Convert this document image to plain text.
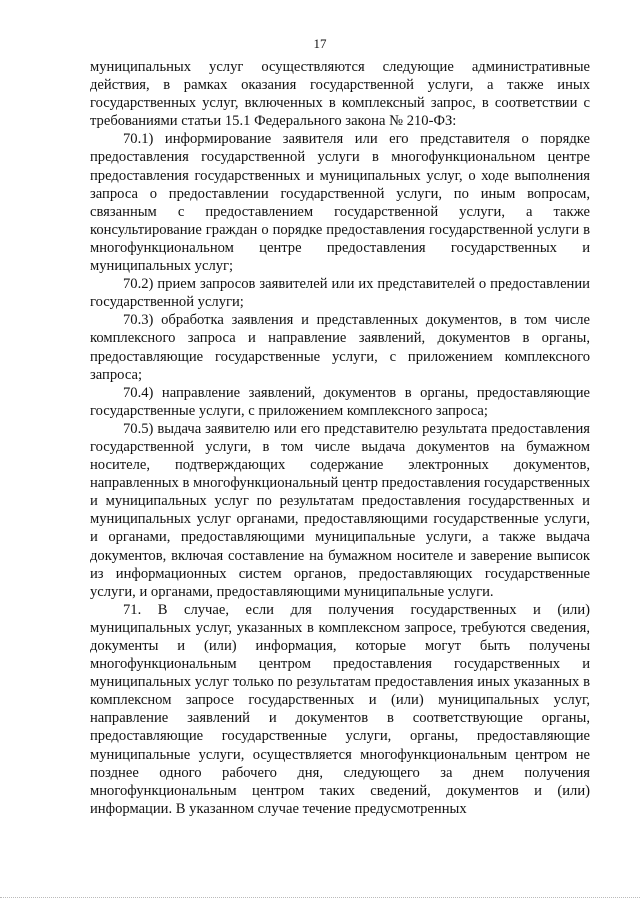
17

муниципальных услуг осуществляются следующие административные действия, в рамках оказания государственной услуги, а также иных государственных услуг, включенных в комплексный запрос, в соответствии с требованиями статьи 15.1 Федерального закона № 210-ФЗ:

70.1) информирование заявителя или его представителя о порядке предоставления государственной услуги в многофункциональном центре предоставления государственных и муниципальных услуг, о ходе выполнения запроса о предоставлении государственной услуги, по иным вопросам, связанным с предоставлением государственной услуги, а также консультирование граждан о порядке предоставления государственной услуги в многофункциональном центре предоставления государственных и муниципальных услуг;

70.2) прием запросов заявителей или их представителей о предоставлении государственной услуги;

70.3) обработка заявления и представленных документов, в том числе комплексного запроса и направление заявлений, документов в органы, предоставляющие государственные услуги, с приложением комплексного запроса;

70.4) направление заявлений, документов в органы, предоставляющие государственные услуги, с приложением комплексного запроса;

70.5) выдача заявителю или его представителю результата предоставления государственной услуги, в том числе выдача документов на бумажном носителе, подтверждающих содержание электронных документов, направленных в многофункциональный центр предоставления государственных и муниципальных услуг по результатам предоставления государственных и муниципальных услуг органами, предоставляющими государственные услуги, и органами, предоставляющими муниципальные услуги, а также выдача документов, включая составление на бумажном носителе и заверение выписок из информационных систем органов, предоставляющих государственные услуги, и органами, предоставляющими муниципальные услуги.

71. В случае, если для получения государственных и (или) муниципальных услуг, указанных в комплексном запросе, требуются сведения, документы и (или) информация, которые могут быть получены многофункциональным центром предоставления государственных и муниципальных услуг только по результатам предоставления иных указанных в комплексном запросе государственных и (или) муниципальных услуг, направление заявлений и документов в соответствующие органы, предоставляющие государственные услуги, органы, предоставляющие муниципальные услуги, осуществляется многофункциональным центром не позднее одного рабочего дня, следующего за днем получения многофункциональным центром таких сведений, документов и (или) информации. В указанном случае течение предусмотренных
